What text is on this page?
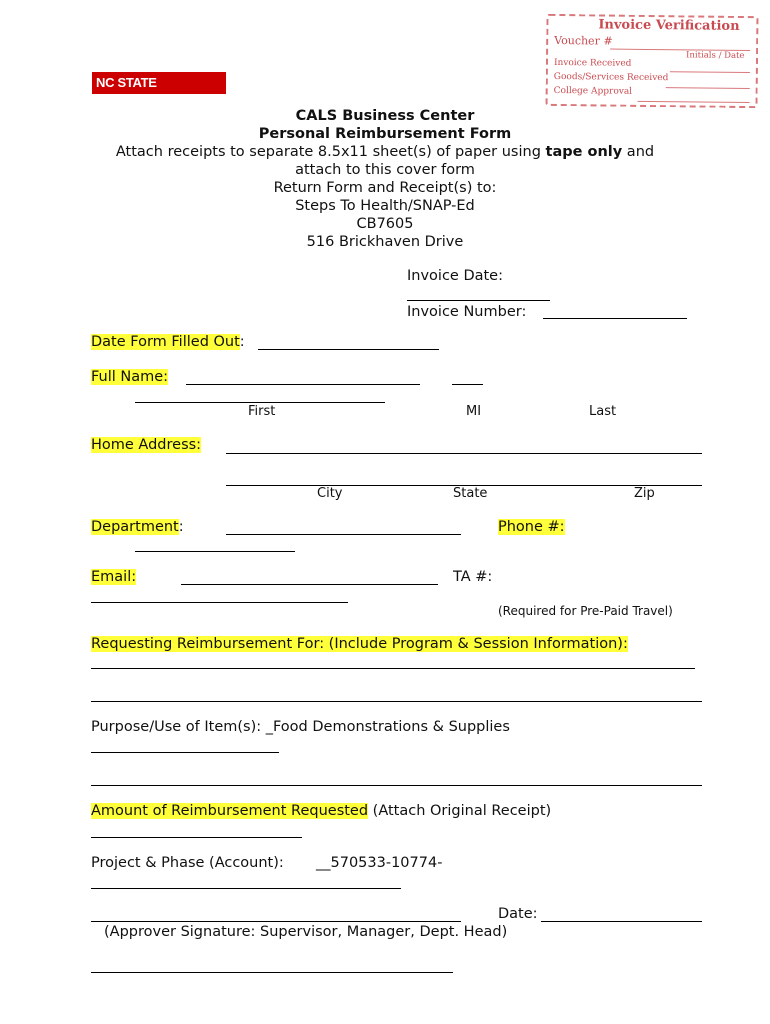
Invoice Verification
Voucher #
Initials / Date
Invoice Received
Goods/Services Received
College Approval
NC STATE UNIVERSITY
CALS Business Center
Personal Reimbursement Form
Attach receipts to separate 8.5x11 sheet(s) of paper using tape only and
attach to this cover form
Return Form and Receipt(s) to:
Steps To Health/SNAP-Ed
CB7605
516 Brickhaven Drive
Invoice Date:
Invoice Number:
Date Form Filled Out:
Full Name:
First	MI	Last
Home Address:
City	State	Zip
Department:	Phone #:
Email:	TA #:
(Required for Pre-Paid Travel)
Requesting Reimbursement For: (Include Program & Session Information):
Purpose/Use of Item(s): _Food Demonstrations & Supplies
Amount of Reimbursement Requested (Attach Original Receipt)
Project & Phase (Account): __570533-10774-
Date:
(Approver Signature: Supervisor, Manager, Dept. Head)
